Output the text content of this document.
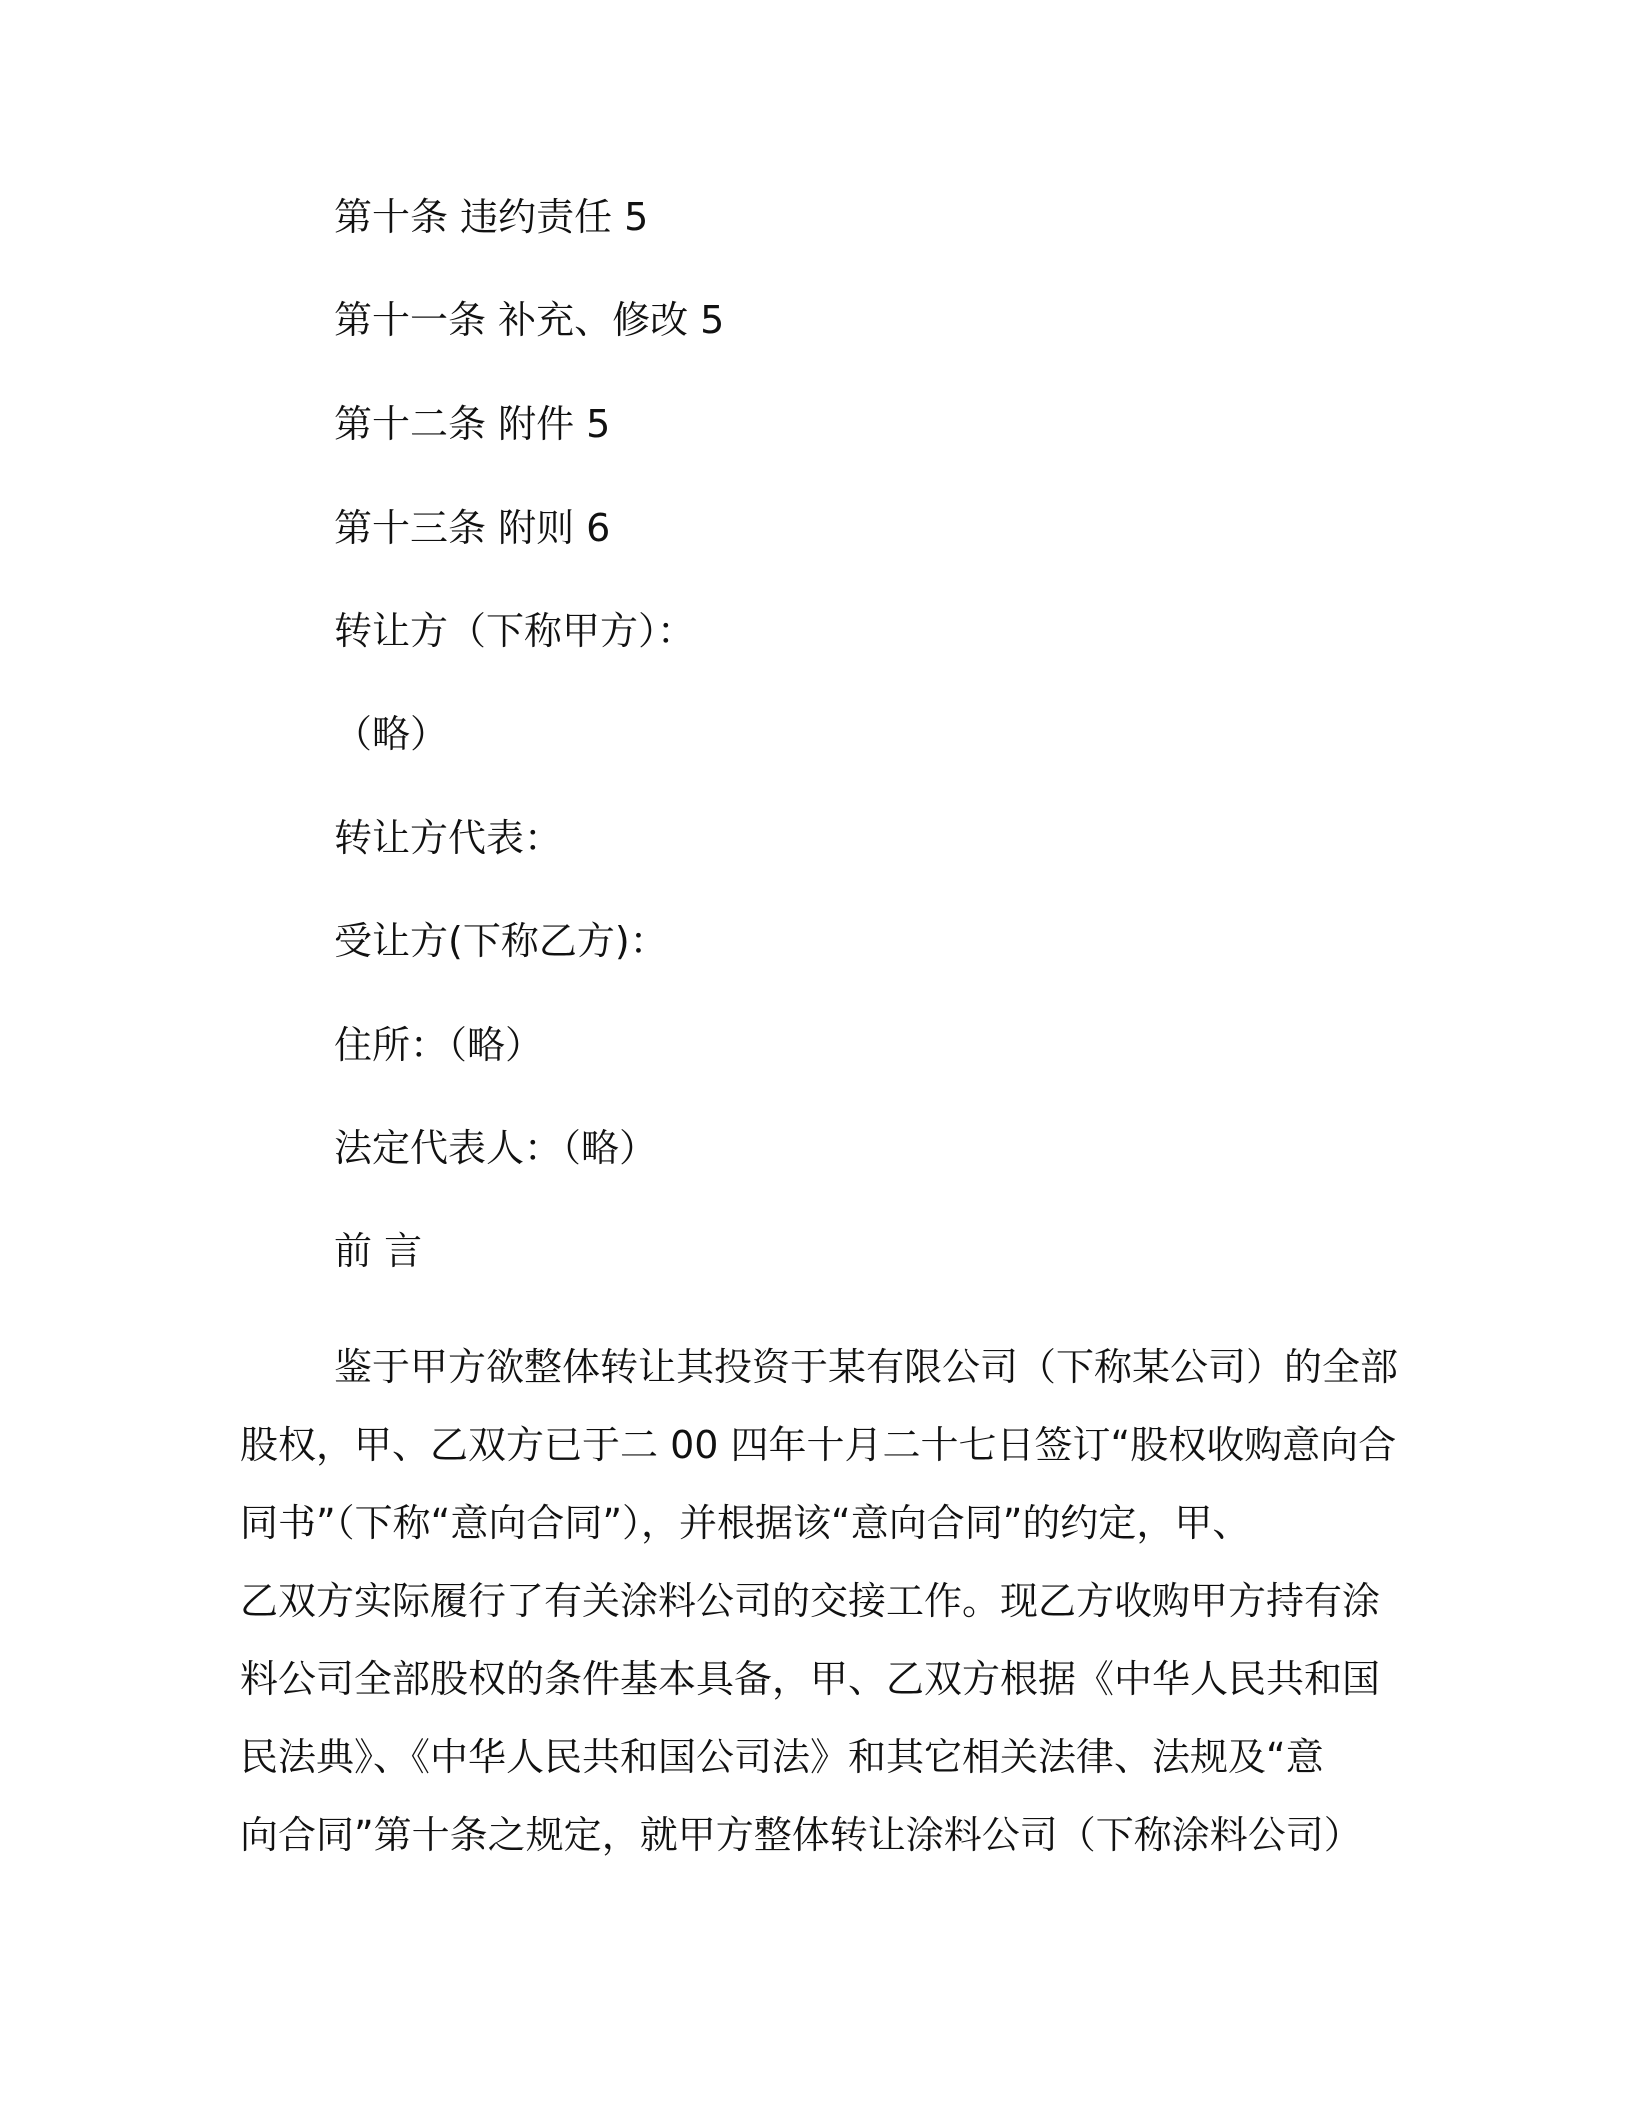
第十条 违约责任 5
第十一条 补充、修改 5
第十二条 附件 5
第十三条 附则 6
转让方（下称甲方）：
（略）
转让方代表：
受让方(下称乙方)：
住所：（略）
法定代表人：（略）
前 言
鉴于甲方欲整体转让其投资于某有限公司（下称某公司）的全部
股权，甲、乙双方已于二 00 四年十月二十七日签订“股权收购意向合
同书”（下称“意向合同”），并根据该“意向合同”的约定，甲、
乙双方实际履行了有关涂料公司的交接工作。现乙方收购甲方持有涂
料公司全部股权的条件基本具备，甲、乙双方根据《中华人民共和国
民法典》、《中华人民共和国公司法》和其它相关法律、法规及“意
向合同”第十条之规定，就甲方整体转让涂料公司（下称涂料公司）
